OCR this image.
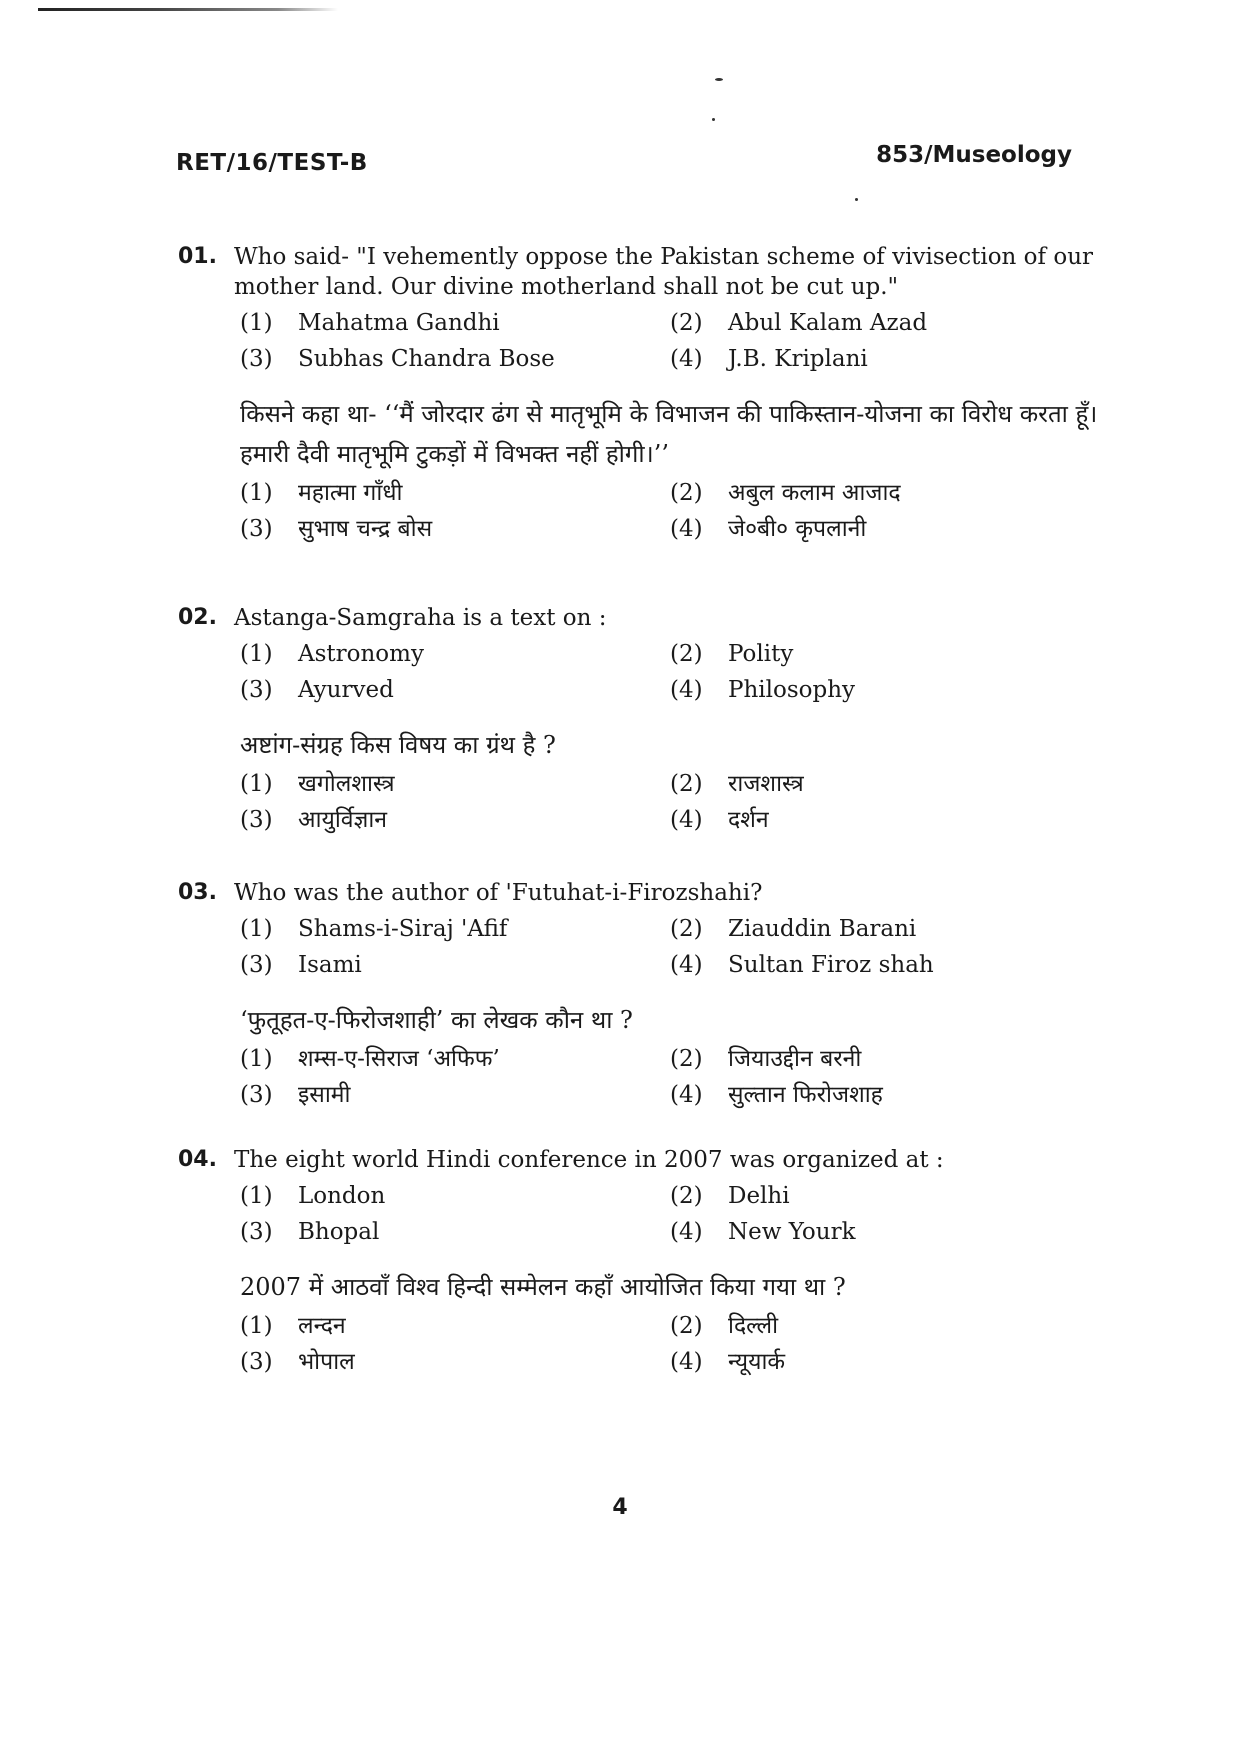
RET/16/TEST-B	853/Museology
01. Who said- "I vehemently oppose the Pakistan scheme of vivisection of our mother land. Our divine motherland shall not be cut up."
(1)	Mahatma Gandhi	(2)	Abul Kalam Azad
(3)	Subhas Chandra Bose	(4)	J.B. Kriplani
किसने कहा था- ‘‘मैं जोरदार ढंग से मातृभूमि के विभाजन की पाकिस्तान-योजना का विरोध करता हूँ। हमारी दैवी मातृभूमि टुकड़ों में विभक्त नहीं होगी।’’
(1)	महात्मा गाँधी	(2)	अबुल कलाम आजाद
(3)	सुभाष चन्द्र बोस	(4)	जे०बी० कृपलानी
02. Astanga-Samgraha is a text on :
(1)	Astronomy	(2)	Polity
(3)	Ayurved	(4)	Philosophy
अष्टांग-संग्रह किस विषय का ग्रंथ है ?
(1)	खगोलशास्त्र	(2)	राजशास्त्र
(3)	आयुर्विज्ञान	(4)	दर्शन
03. Who was the author of 'Futuhat-i-Firozshahi?
(1)	Shams-i-Siraj 'Afif	(2)	Ziauddin Barani
(3)	Isami	(4)	Sultan Firoz shah
‘फुतूहत-ए-फिरोजशाही’ का लेखक कौन था ?
(1)	शम्स-ए-सिराज ‘अफिफ’	(2)	जियाउद्दीन बरनी
(3)	इसामी	(4)	सुल्तान फिरोजशाह
04. The eight world Hindi conference in 2007 was organized at :
(1)	London	(2)	Delhi
(3)	Bhopal	(4)	New Yourk
2007 में आठवाँ विश्व हिन्दी सम्मेलन कहाँ आयोजित किया गया था ?
(1)	लन्दन	(2)	दिल्ली
(3)	भोपाल	(4)	न्यूयार्क
4
